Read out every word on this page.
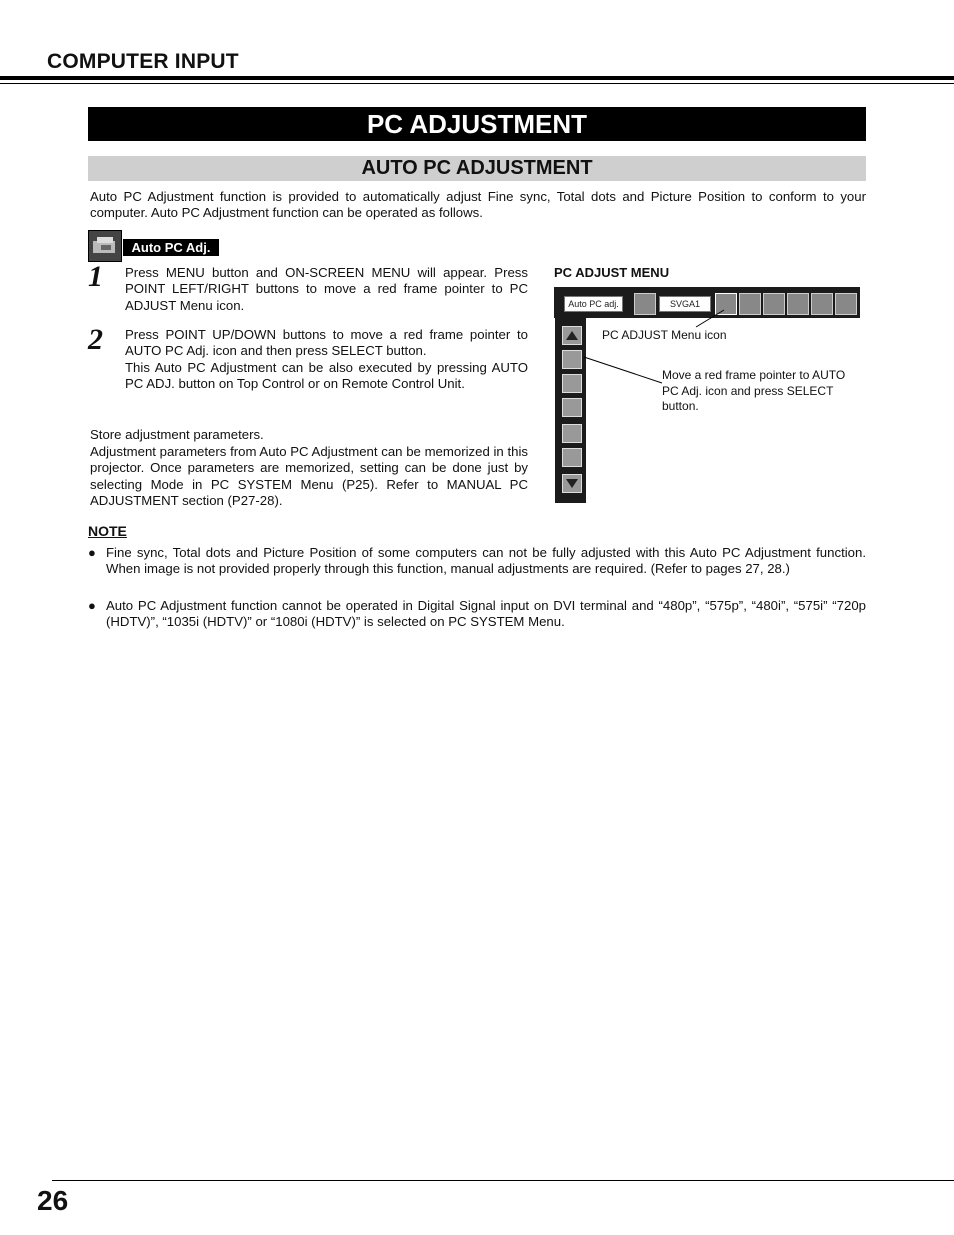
COMPUTER INPUT
PC ADJUSTMENT
AUTO PC ADJUSTMENT
Auto PC Adjustment function is provided to automatically adjust Fine sync, Total dots and Picture Position to conform to your computer. Auto PC Adjustment function can be operated as follows.
Auto PC Adj.
1 Press MENU button and ON-SCREEN MENU will appear. Press POINT LEFT/RIGHT buttons to move a red frame pointer to PC ADJUST Menu icon.
2 Press POINT UP/DOWN buttons to move a red frame pointer to AUTO PC Adj. icon and then press SELECT button.
This Auto PC Adjustment can be also executed by pressing AUTO PC ADJ. button on Top Control or on Remote Control Unit.
Store adjustment parameters.
Adjustment parameters from Auto PC Adjustment can be memorized in this projector. Once parameters are memorized, setting can be done just by selecting Mode in PC SYSTEM Menu (P25). Refer to MANUAL PC ADJUSTMENT section (P27-28).
PC ADJUST MENU
Auto PC adj.	SVGA1
PC ADJUST Menu icon
Move a red frame pointer to AUTO PC Adj. icon and press SELECT button.
NOTE
● Fine sync, Total dots and Picture Position of some computers can not be fully adjusted with this Auto PC Adjustment function. When image is not provided properly through this function, manual adjustments are required. (Refer to pages 27, 28.)
● Auto PC Adjustment function cannot be operated in Digital Signal input on DVI terminal and “480p”, “575p”, “480i”, “575i” “720p (HDTV)”, “1035i (HDTV)” or “1080i (HDTV)” is selected on PC SYSTEM Menu.
26
